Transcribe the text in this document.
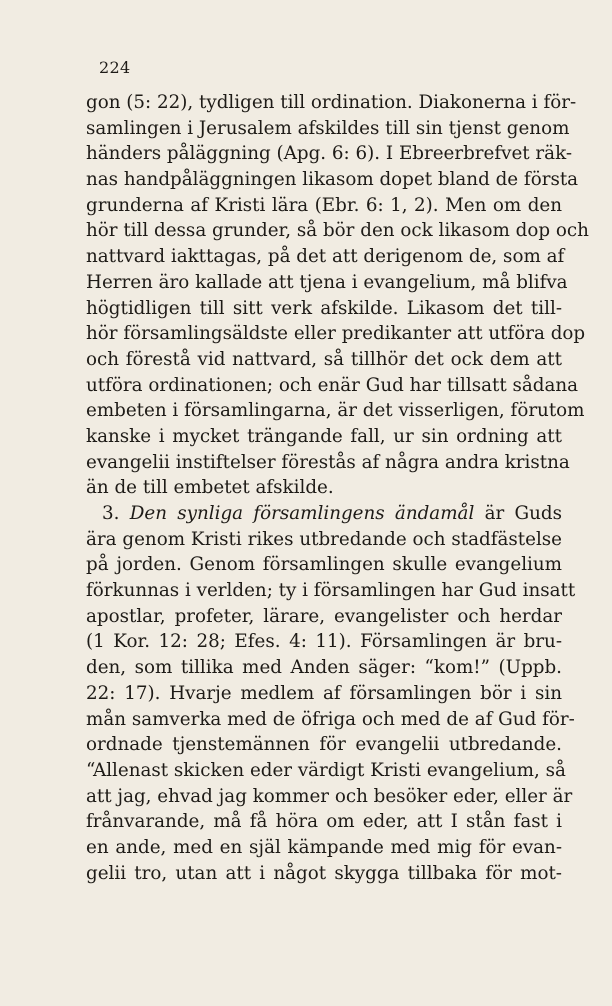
224
gon (5: 22), tydligen till ordination. Diakonerna i för-
samlingen i Jerusalem afskildes till sin tjenst genom
händers påläggning (Apg. 6: 6). I Ebreerbrefvet räk-
nas handpåläggningen likasom dopet bland de första
grunderna af Kristi lära (Ebr. 6: 1, 2). Men om den
hör till dessa grunder, så bör den ock likasom dop och
nattvard iakttagas, på det att derigenom de, som af
Herren äro kallade att tjena i evangelium, må blifva
högtidligen till sitt verk afskilde. Likasom det till-
hör församlingsäldste eller predikanter att utföra dop
och förestå vid nattvard, så tillhör det ock dem att
utföra ordinationen; och enär Gud har tillsatt sådana
embeten i församlingarna, är det visserligen, förutom
kanske i mycket trängande fall, ur sin ordning att
evangelii instiftelser förestås af några andra kristna
än de till embetet afskilde.
3. Den synliga församlingens ändamål är Guds
ära genom Kristi rikes utbredande och stadfästelse
på jorden. Genom församlingen skulle evangelium
förkunnas i verlden; ty i församlingen har Gud insatt
apostlar, profeter, lärare, evangelister och herdar
(1 Kor. 12: 28; Efes. 4: 11). Församlingen är bru-
den, som tillika med Anden säger: “kom!” (Uppb.
22: 17). Hvarje medlem af församlingen bör i sin
mån samverka med de öfriga och med de af Gud för-
ordnade tjenstemännen för evangelii utbredande.
“Allenast skicken eder värdigt Kristi evangelium, så
att jag, ehvad jag kommer och besöker eder, eller är
frånvarande, må få höra om eder, att I stån fast i
en ande, med en själ kämpande med mig för evan-
gelii tro, utan att i något skygga tillbaka för mot-
